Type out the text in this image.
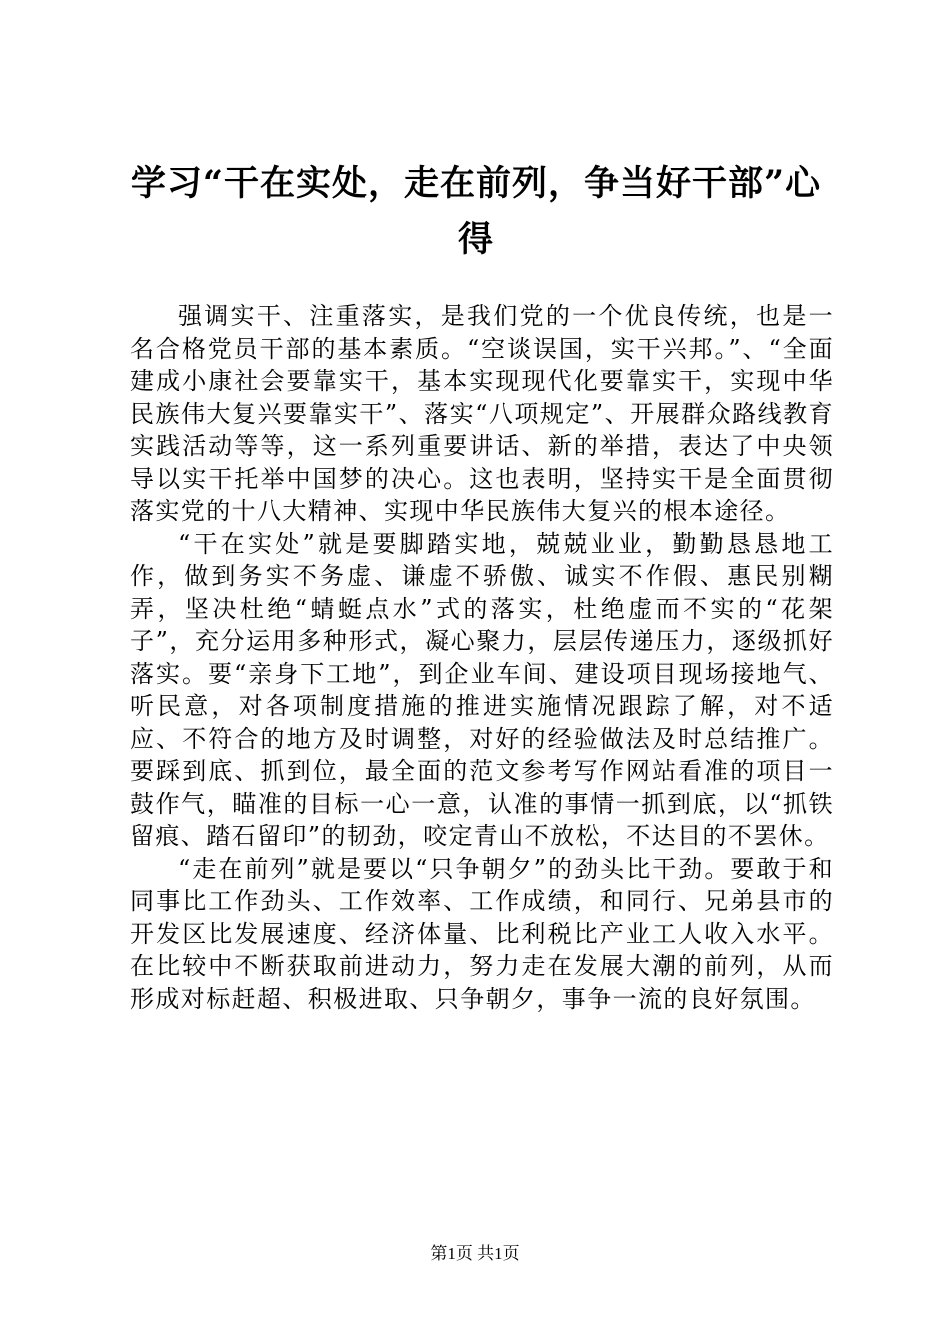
学习“干在实处，走在前列，争当好干部”心得

强调实干、注重落实，是我们党的一个优良传统，也是一名合格党员干部的基本素质。“空谈误国，实干兴邦。”、“全面建成小康社会要靠实干，基本实现现代化要靠实干，实现中华民族伟大复兴要靠实干”、落实“八项规定”、开展群众路线教育实践活动等等，这一系列重要讲话、新的举措，表达了中央领导以实干托举中国梦的决心。这也表明，坚持实干是全面贯彻落实党的十八大精神、实现中华民族伟大复兴的根本途径。

“干在实处”就是要脚踏实地，兢兢业业，勤勤恳恳地工作，做到务实不务虚、谦虚不骄傲、诚实不作假、惠民别糊弄，坚决杜绝“蜻蜓点水”式的落实，杜绝虚而不实的“花架子”，充分运用多种形式，凝心聚力，层层传递压力，逐级抓好落实。要“亲身下工地”，到企业车间、建设项目现场接地气、听民意，对各项制度措施的推进实施情况跟踪了解，对不适应、不符合的地方及时调整，对好的经验做法及时总结推广。要踩到底、抓到位，最全面的范文参考写作网站看准的项目一鼓作气，瞄准的目标一心一意，认准的事情一抓到底，以“抓铁留痕、踏石留印”的韧劲，咬定青山不放松，不达目的不罢休。

“走在前列”就是要以“只争朝夕”的劲头比干劲。要敢于和同事比工作劲头、工作效率、工作成绩，和同行、兄弟县市的开发区比发展速度、经济体量、比利税比产业工人收入水平。在比较中不断获取前进动力，努力走在发展大潮的前列，从而形成对标赶超、积极进取、只争朝夕，事争一流的良好氛围。

第1页 共1页
